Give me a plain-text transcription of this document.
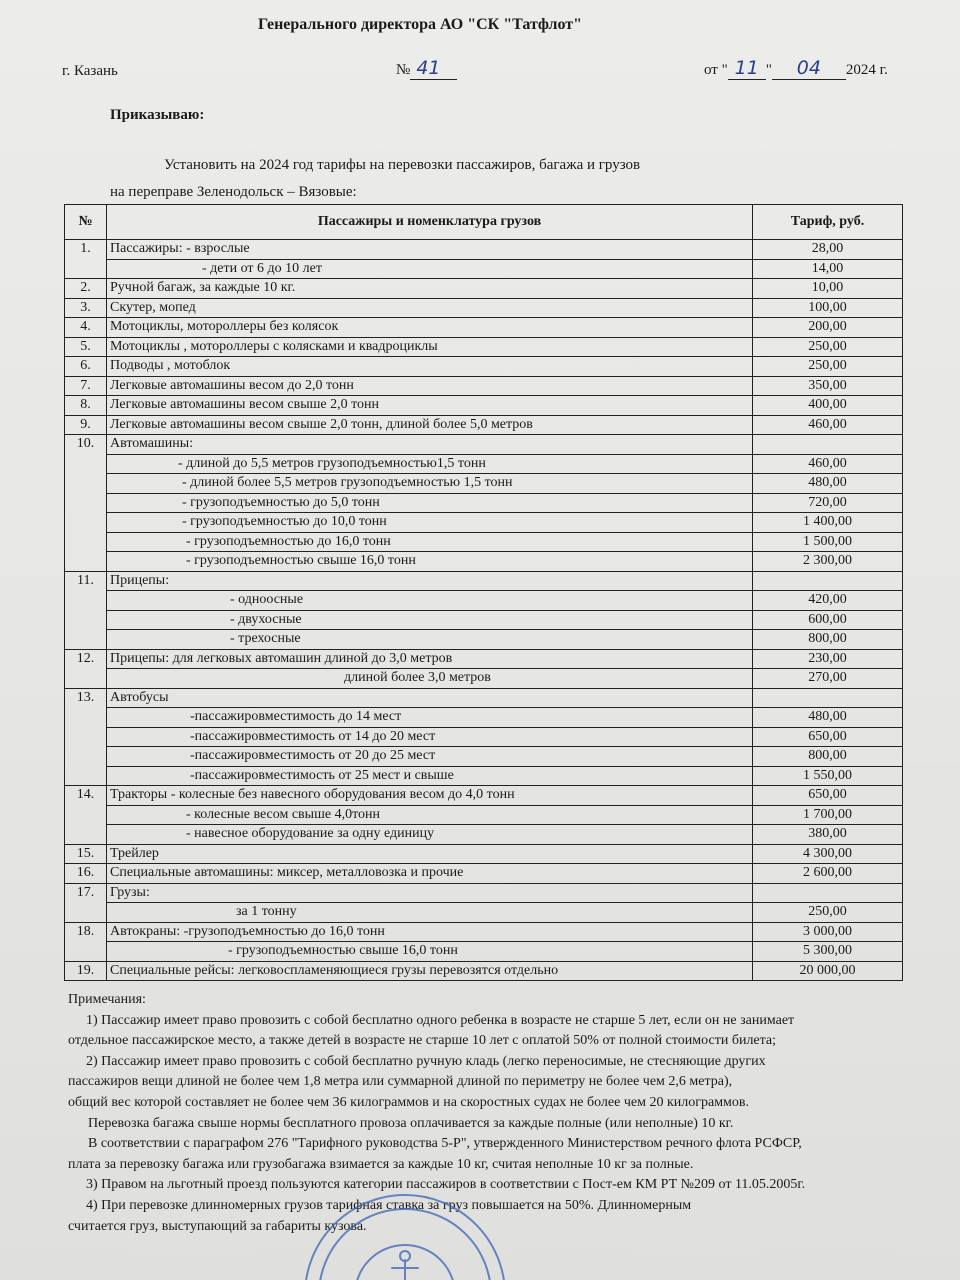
Генерального директора АО "СК "Татфлот"
г. Казань	№ 41	от " 11 " 04 2024 г.
Приказываю:
Установить на 2024 год тарифы на перевозки пассажиров, багажа и грузов
на переправе Зеленодольск – Вязовые:
№	Пассажиры и номенклатура грузов	Тариф, руб.
1.	Пассажиры: - взрослые	28,00
	- дети от 6 до 10 лет	14,00
2.	Ручной багаж, за каждые 10 кг.	10,00
3.	Скутер, мопед	100,00
4.	Мотоциклы, мотороллеры без колясок	200,00
5.	Мотоциклы , мотороллеры с колясками и квадроциклы	250,00
6.	Подводы , мотоблок	250,00
7.	Легковые автомашины весом до 2,0 тонн	350,00
8.	Легковые автомашины весом свыше 2,0 тонн	400,00
9.	Легковые автомашины весом свыше 2,0 тонн, длиной более 5,0 метров	460,00
10.	Автомашины:	
	- длиной до 5,5 метров грузоподъемностью1,5 тонн	460,00
	- длиной более 5,5 метров грузоподъемностью 1,5 тонн	480,00
	- грузоподъемностью до 5,0 тонн	720,00
	- грузоподъемностью до 10,0 тонн	1 400,00
	- грузоподъемностью до 16,0 тонн	1 500,00
	- грузоподъемностью свыше 16,0 тонн	2 300,00
11.	Прицепы:	
	- одноосные	420,00
	- двухосные	600,00
	- трехосные	800,00
12.	Прицепы: для легковых автомашин длиной до 3,0 метров	230,00
	длиной более 3,0 метров	270,00
13.	Автобусы	
	-пассажировместимость до 14 мест	480,00
	-пассажировместимость от 14 до 20 мест	650,00
	-пассажировместимость от 20 до 25 мест	800,00
	-пассажировместимость от 25 мест и свыше	1 550,00
14.	Тракторы - колесные без навесного оборудования весом до 4,0 тонн	650,00
	- колесные весом свыше 4,0тонн	1 700,00
	- навесное оборудование за одну единицу	380,00
15.	Трейлер	4 300,00
16.	Специальные автомашины: миксер, металловозка и прочие	2 600,00
17.	Грузы:	
	за 1 тонну	250,00
18.	Автокраны: -грузоподъемностью до 16,0 тонн	3 000,00
	- грузоподъемностью свыше 16,0 тонн	5 300,00
19.	Специальные рейсы: легковоспламеняющиеся грузы перевозятся отдельно	20 000,00

Примечания:

1) Пассажир имеет право провозить с собой бесплатно одного ребенка в возрасте не старше 5 лет, если он не занимает

отдельное пассажирское место, а также детей в возрасте не старше 10 лет с оплатой 50% от полной стоимости билета;

2) Пассажир имеет право провозить с собой бесплатно ручную кладь (легко переносимые, не стесняющие других

пассажиров вещи длиной не более чем 1,8 метра или суммарной длиной по периметру не более чем 2,6 метра),

общий вес которой составляет не более чем 36 килограммов и на скоростных судах не более чем 20 килограммов.

Перевозка багажа свыше нормы бесплатного провоза оплачивается за каждые полные (или неполные) 10 кг.

В соответствии с параграфом 276 "Тарифного руководства 5-Р", утвержденного Министерством речного флота РСФСР,

плата за перевозку багажа или грузобагажа взимается за каждые 10 кг, считая неполные 10 кг за полные.

3) Правом на льготный проезд пользуются категории пассажиров в соответствии с Пост-ем КМ РТ №209 от 11.05.2005г.

4) При перевозке длинномерных грузов тарифная ставка за груз повышается на 50%. Длинномерным

считается груз, выступающий за габариты кузова.
